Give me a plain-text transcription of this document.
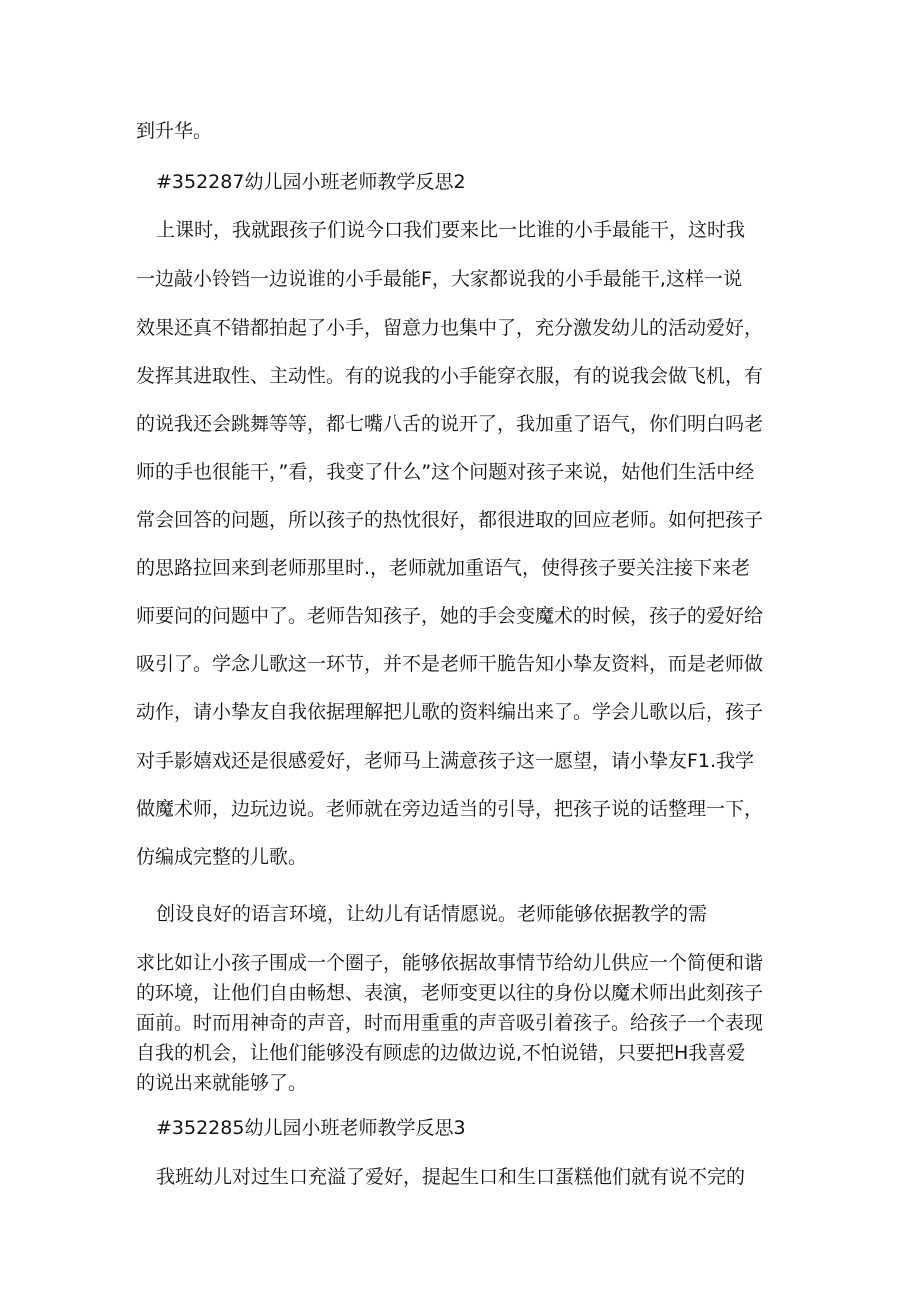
到升华。
#352287幼儿园小班老师教学反思2
上课时，我就跟孩子们说今口我们要来比一比谁的小手最能干，这时我
一边敲小铃铛一边说谁的小手最能F，大家都说我的小手最能干,这样一说
效果还真不错都拍起了小手，留意力也集中了，充分激发幼儿的活动爱好，
发挥其进取性、主动性。有的说我的小手能穿衣服，有的说我会做飞机，有
的说我还会跳舞等等，都七嘴八舌的说开了，我加重了语气，你们明白吗老
师的手也很能干，”看，我变了什么”这个问题对孩子来说，姑他们生活中经
常会回答的问题，所以孩子的热忱很好，都很进取的回应老师。如何把孩子
的思路拉回来到老师那里时.，老师就加重语气，使得孩子要关注接下来老
师要问的问题中了。老师告知孩子，她的手会变魔术的时候，孩子的爱好给
吸引了。学念儿歌这一环节，并不是老师干脆告知小挚友资料，而是老师做
动作，请小挚友自我依据理解把儿歌的资料编出来了。学会儿歌以后，孩子
对手影嬉戏还是很感爱好，老师马上满意孩子这一愿望，请小挚友F1.我学
做魔术师，边玩边说。老师就在旁边适当的引导，把孩子说的话整理一下，
仿编成完整的儿歌。
创设良好的语言环境，让幼儿有话情愿说。老师能够依据教学的需
求比如让小孩子围成一个圈子，能够依据故事情节给幼儿供应一个简便和谐
的环境，让他们自由畅想、表演，老师变更以往的身份以魔术师出此刻孩子
面前。时而用神奇的声音，时而用重重的声音吸引着孩子。给孩子一个表现
自我的机会，让他们能够没有顾虑的边做边说,不怕说错，只要把H我喜爱
的说出来就能够了。
#352285幼儿园小班老师教学反思3
我班幼儿对过生口充溢了爱好，提起生口和生口蛋糕他们就有说不完的
